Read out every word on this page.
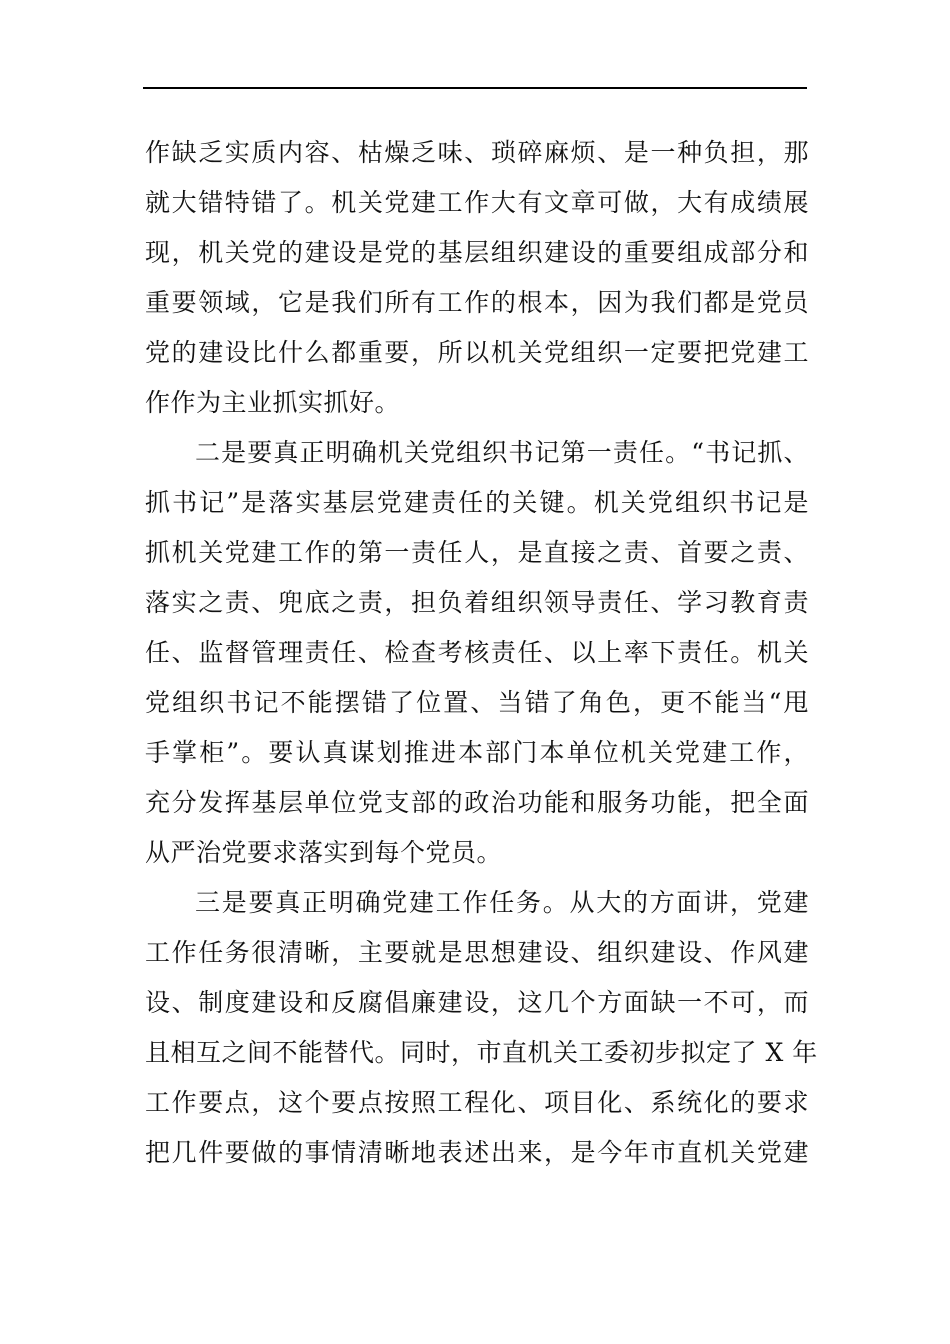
作缺乏实质内容、枯燥乏味、琐碎麻烦、是一种负担，那
就大错特错了。机关党建工作大有文章可做，大有成绩展
现，机关党的建设是党的基层组织建设的重要组成部分和
重要领域，它是我们所有工作的根本，因为我们都是党员
党的建设比什么都重要，所以机关党组织一定要把党建工
作作为主业抓实抓好。
二是要真正明确机关党组织书记第一责任。“书记抓、
抓书记”是落实基层党建责任的关键。机关党组织书记是
抓机关党建工作的第一责任人，是直接之责、首要之责、
落实之责、兜底之责，担负着组织领导责任、学习教育责
任、监督管理责任、检查考核责任、以上率下责任。机关
党组织书记不能摆错了位置、当错了角色，更不能当“甩
手掌柜”。要认真谋划推进本部门本单位机关党建工作，
充分发挥基层单位党支部的政治功能和服务功能，把全面
从严治党要求落实到每个党员。
三是要真正明确党建工作任务。从大的方面讲，党建
工作任务很清晰，主要就是思想建设、组织建设、作风建
设、制度建设和反腐倡廉建设，这几个方面缺一不可，而
且相互之间不能替代。同时，市直机关工委初步拟定了 X 年
工作要点，这个要点按照工程化、项目化、系统化的要求
把几件要做的事情清晰地表述出来，是今年市直机关党建
